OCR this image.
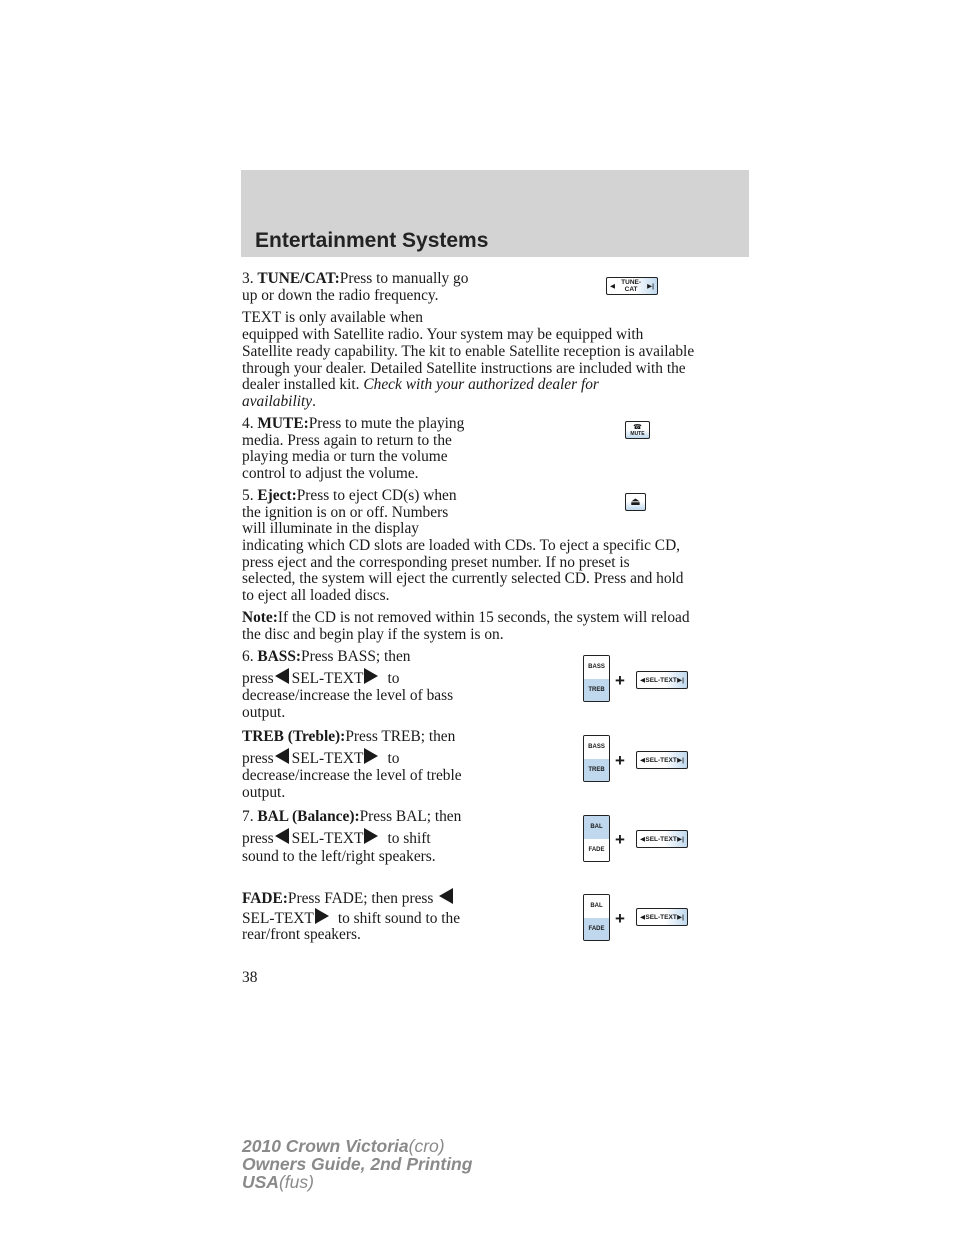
Entertainment Systems
3. TUNE/CAT:Press to manually go
up or down the radio frequency.
◀
TUNE-CAT	▶|
TEXT is only available when
equipped with Satellite radio. Your system may be equipped with
Satellite ready capability. The kit to enable Satellite reception is available
through your dealer. Detailed Satellite instructions are included with the
dealer installed kit. Check with your authorized dealer for
availability.
4. MUTE:Press to mute the playing
media. Press again to return to the
playing media or turn the volume
control to adjust the volume.
☎
MUTE
5. Eject:Press to eject CD(s) when
the ignition is on or off. Numbers
will illuminate in the display
indicating which CD slots are loaded with CDs. To eject a specific CD,
press eject and the corresponding preset number. If no preset is
selected, the system will eject the currently selected CD. Press and hold
to eject all loaded discs.
⏏
Note:If the CD is not removed within 15 seconds, the system will reload
the disc and begin play if the system is on.
6. BASS:Press BASS; then
press SEL-TEXT to
decrease/increase the level of bass
output.
BASS
TREB + ◀ SEL-TEXT ▶|
TREB (Treble):Press TREB; then
press SEL-TEXT to
decrease/increase the level of treble
output.
BASS
TREB + ◀ SEL-TEXT ▶|
7. BAL (Balance):Press BAL; then
press SEL-TEXT to shift
sound to the left/right speakers.
BAL
FADE
+ ◀ SEL-TEXT ▶|
FADE:Press FADE; then press
SEL-TEXT to shift sound to the
rear/front speakers.
BAL
FADE
+ ◀ SEL-TEXT ▶|
38
2010 Crown Victoria(cro)
Owners Guide, 2nd Printing
USA(fus)
